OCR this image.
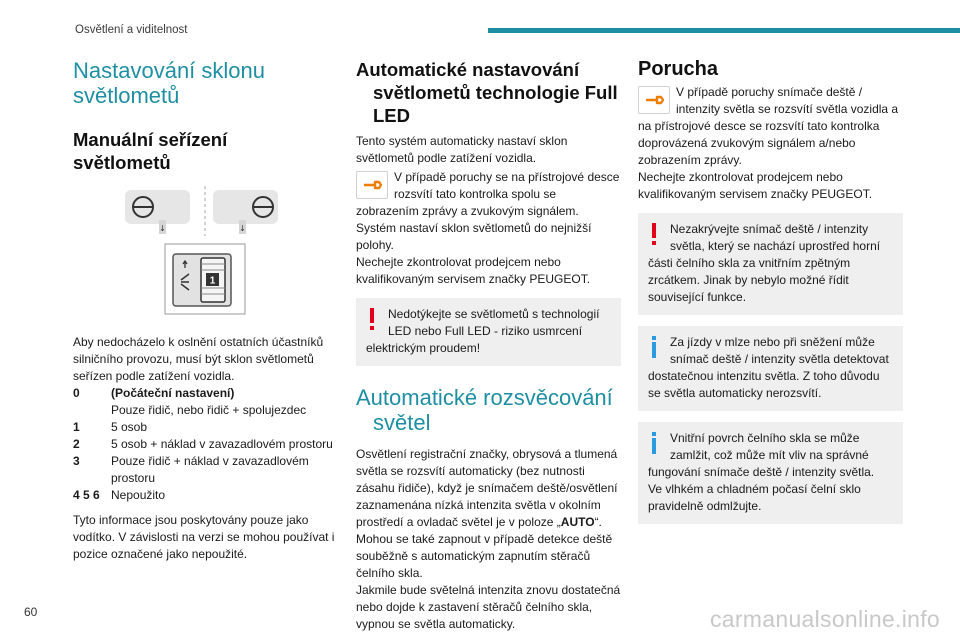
Osvětlení a viditelnost
Nastavování sklonu
světlometů
Manuální seřízení
světlometů
↓	↓
1

Aby nedocházelo k oslnění ostatních účastníků silničního provozu, musí být sklon světlometů seřízen podle zatížení vozidla.

0	(Počáteční nastavení)
Pouze řidič, nebo řidič + spolujezdec
1	5 osob
2	5 osob + náklad v zavazadlovém prostoru
3	Pouze řidič + náklad v zavazadlovém prostoru
4 5 6 Nepoužito

Tyto informace jsou poskytovány pouze jako vodítko. V závislosti na verzi se mohou používat i pozice označené jako nepoužité.

Automatické nastavování
světlometů technologie Full
LED

Tento systém automaticky nastaví sklon světlometů podle zatížení vozidla.

V případě poruchy se na přístrojové desce rozsvítí tato kontrolka spolu se zobrazením zprávy a zvukovým signálem.

Systém nastaví sklon světlometů do nejnižší polohy.

Nechejte zkontrolovat prodejcem nebo kvalifikovaným servisem značky PEUGEOT.

Nedotýkejte se světlometů s technologií LED nebo Full LED - riziko usmrcení elektrickým proudem!
Automatické rozsvěcování
světel

Osvětlení registrační značky, obrysová a tlumená světla se rozsvítí automaticky (bez nutnosti zásahu řidiče), když je snímačem deště/osvětlení zaznamenána nízká intenzita světla v okolním prostředí a ovladač světel je v poloze „AUTO“. Mohou se také zapnout v případě detekce deště souběžně s automatickým zapnutím stěračů čelního skla.

Jakmile bude světelná intenzita znovu dostatečná nebo dojde k zastavení stěračů čelního skla, vypnou se světla automaticky.

Porucha

V případě poruchy snímače deště / intenzity světla se rozsvítí světla vozidla a na přístrojové desce se rozsvítí tato kontrolka doprovázená zvukovým signálem a/nebo zobrazením zprávy.

Nechejte zkontrolovat prodejcem nebo kvalifikovaným servisem značky PEUGEOT.

Nezakrývejte snímač deště / intenzity světla, který se nachází uprostřed horní části čelního skla za vnitřním zpětným zrcátkem. Jinak by nebylo možné řídit související funkce.
Za jízdy v mlze nebo při sněžení může snímač deště / intenzity světla detektovat dostatečnou intenzitu světla. Z toho důvodu se světla automaticky nerozsvítí.
Vnitřní povrch čelního skla se může zamlžit, což může mít vliv na správné fungování snímače deště / intenzity světla.
Ve vlhkém a chladném počasí čelní sklo pravidelně odmlžujte.
60	carmanualsonline.info
